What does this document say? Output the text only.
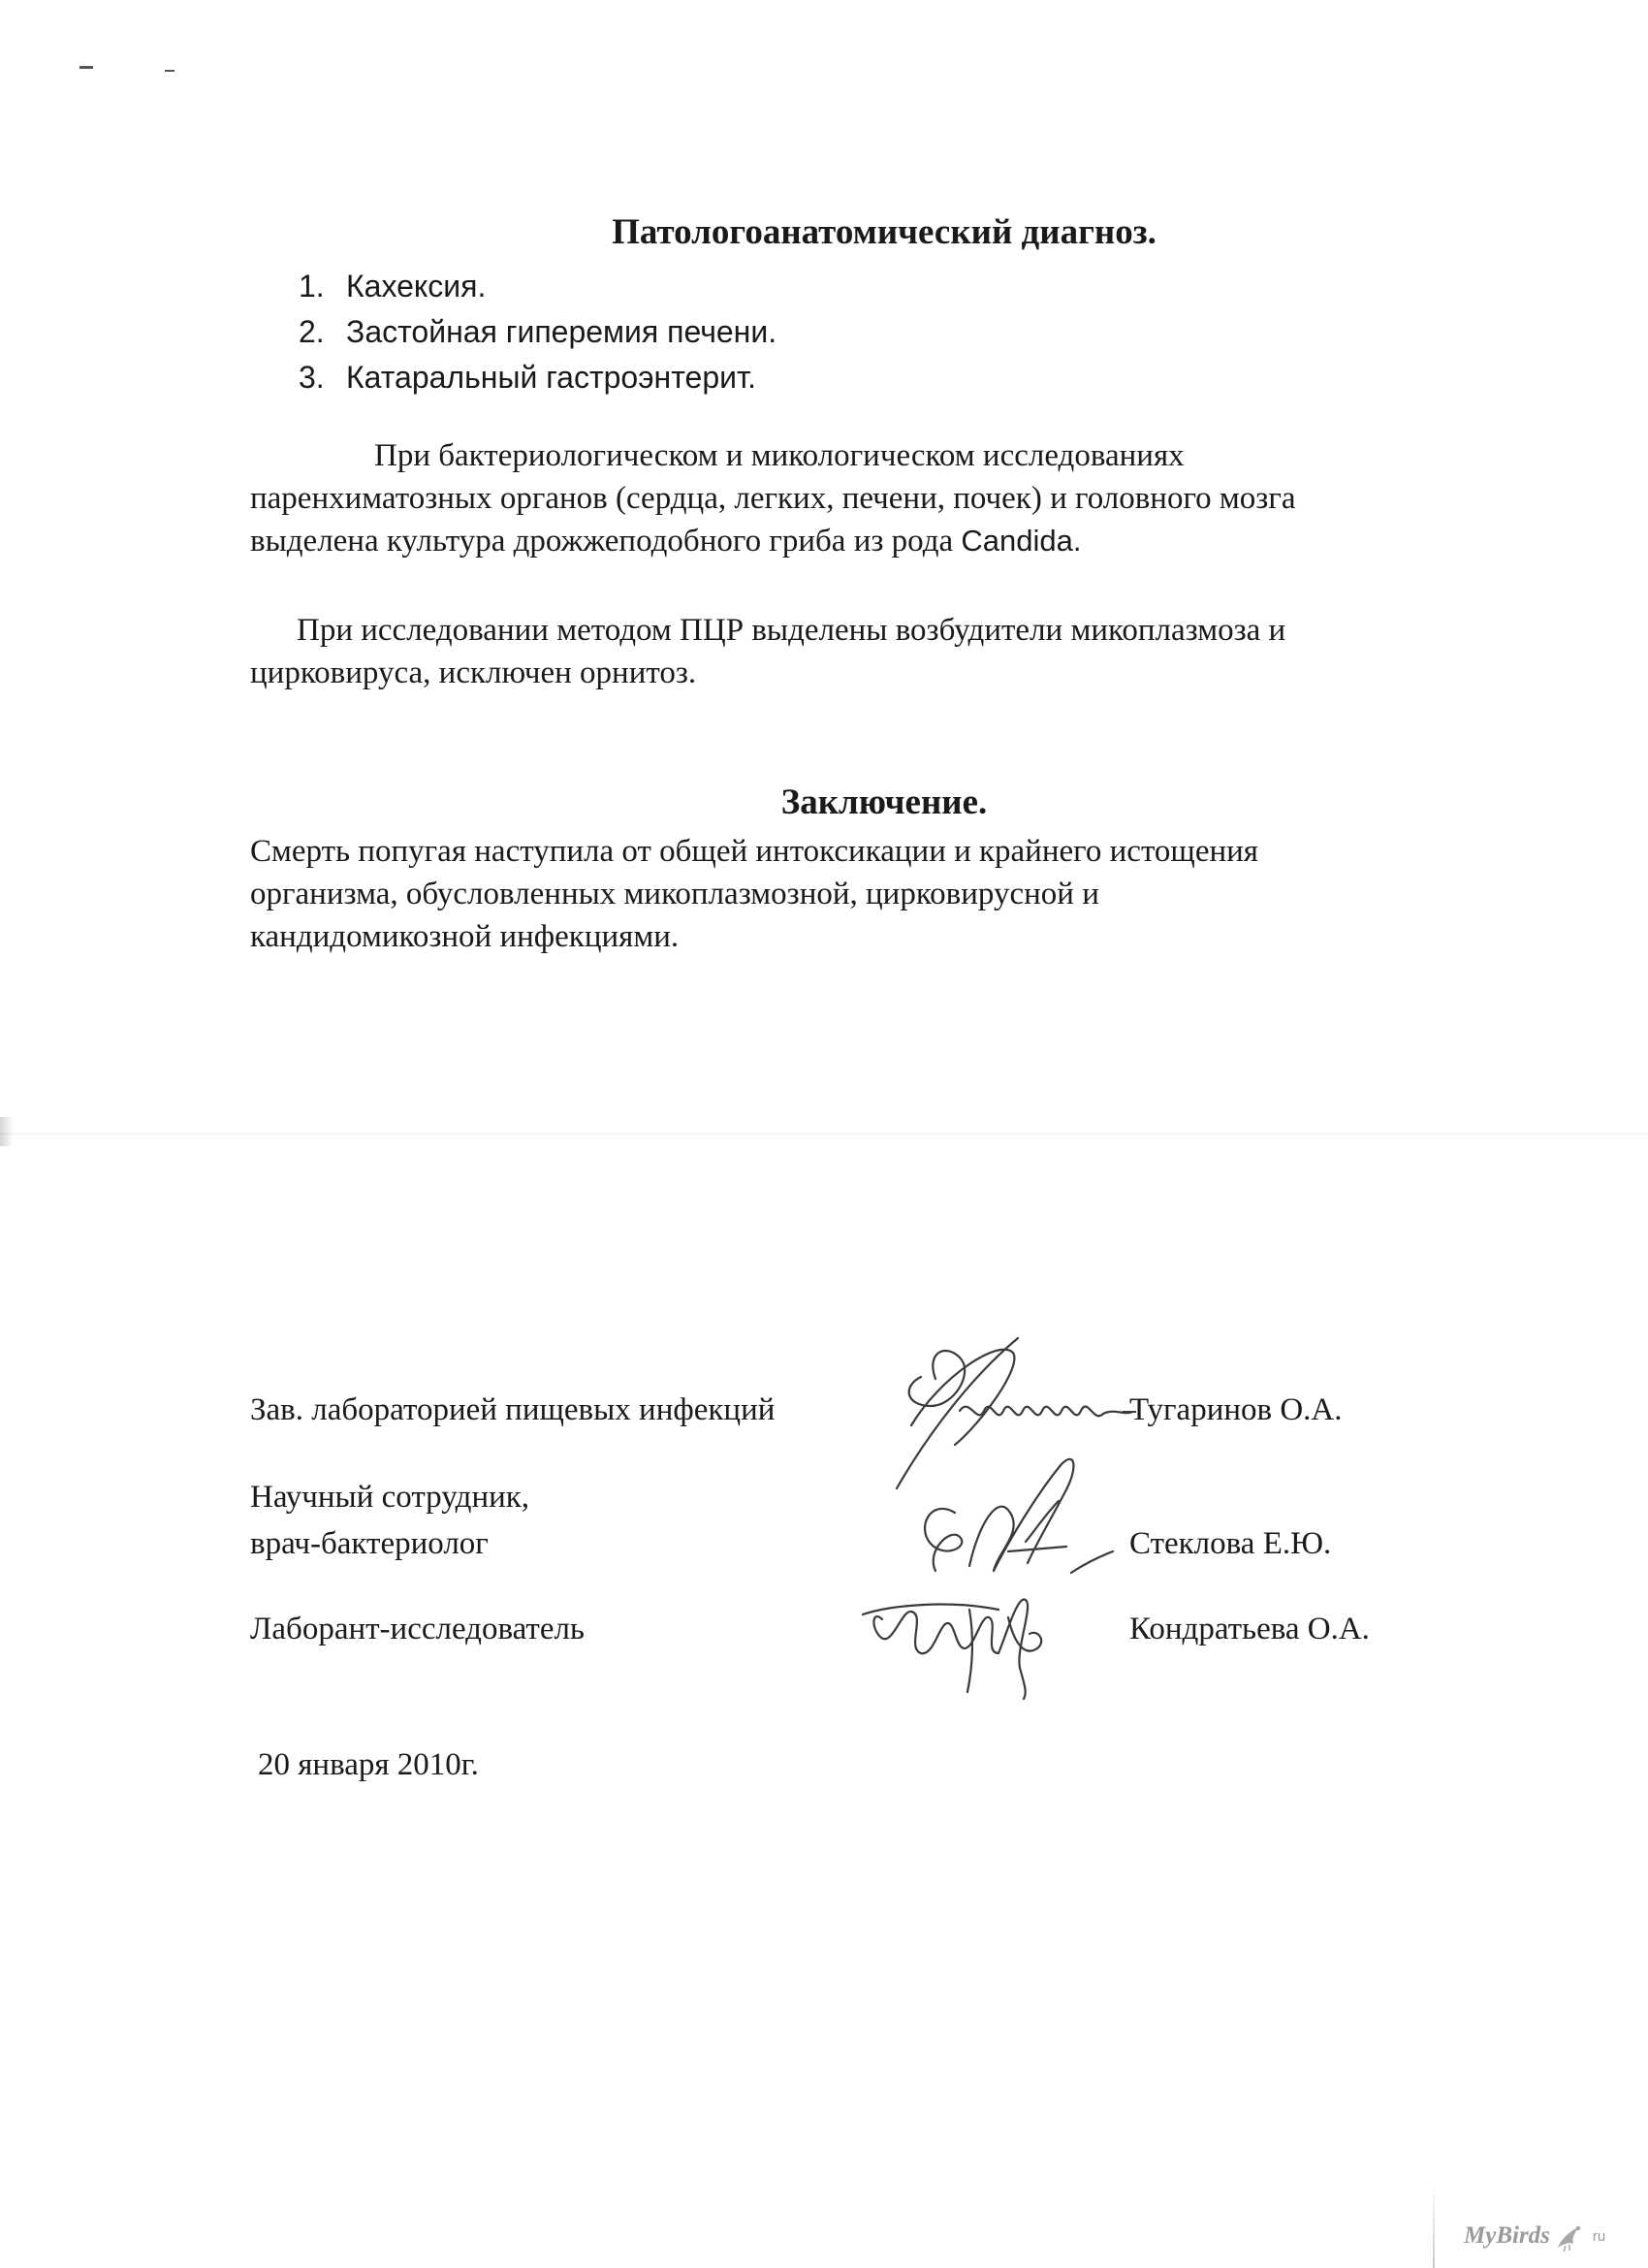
Патологоанатомический диагноз.
1. Кахексия.
2. Застойная гиперемия печени.
3. Катаральный гастроэнтерит.

При бактериологическом и микологическом исследованиях
паренхиматозных органов (сердца, легких, печени, почек) и головного мозга
выделена культура дрожжеподобного гриба из рода Candida.

При исследовании методом ПЦР выделены возбудители микоплазмоза и
цирковируса, исключен орнитоз.

Заключение.

Смерть попугая наступила от общей интоксикации и крайнего истощения
организма, обусловленных микоплазмозной, цирковирусной и
кандидомикозной инфекциями.

Зав. лабораторией пищевых инфекций	Тугаринов О.А.

Научный сотрудник,

врач-бактериолог	Стеклова Е.Ю.

Лаборант-исследователь	Кондратьева О.А.

20 января 2010г.
MyBirds	ru
